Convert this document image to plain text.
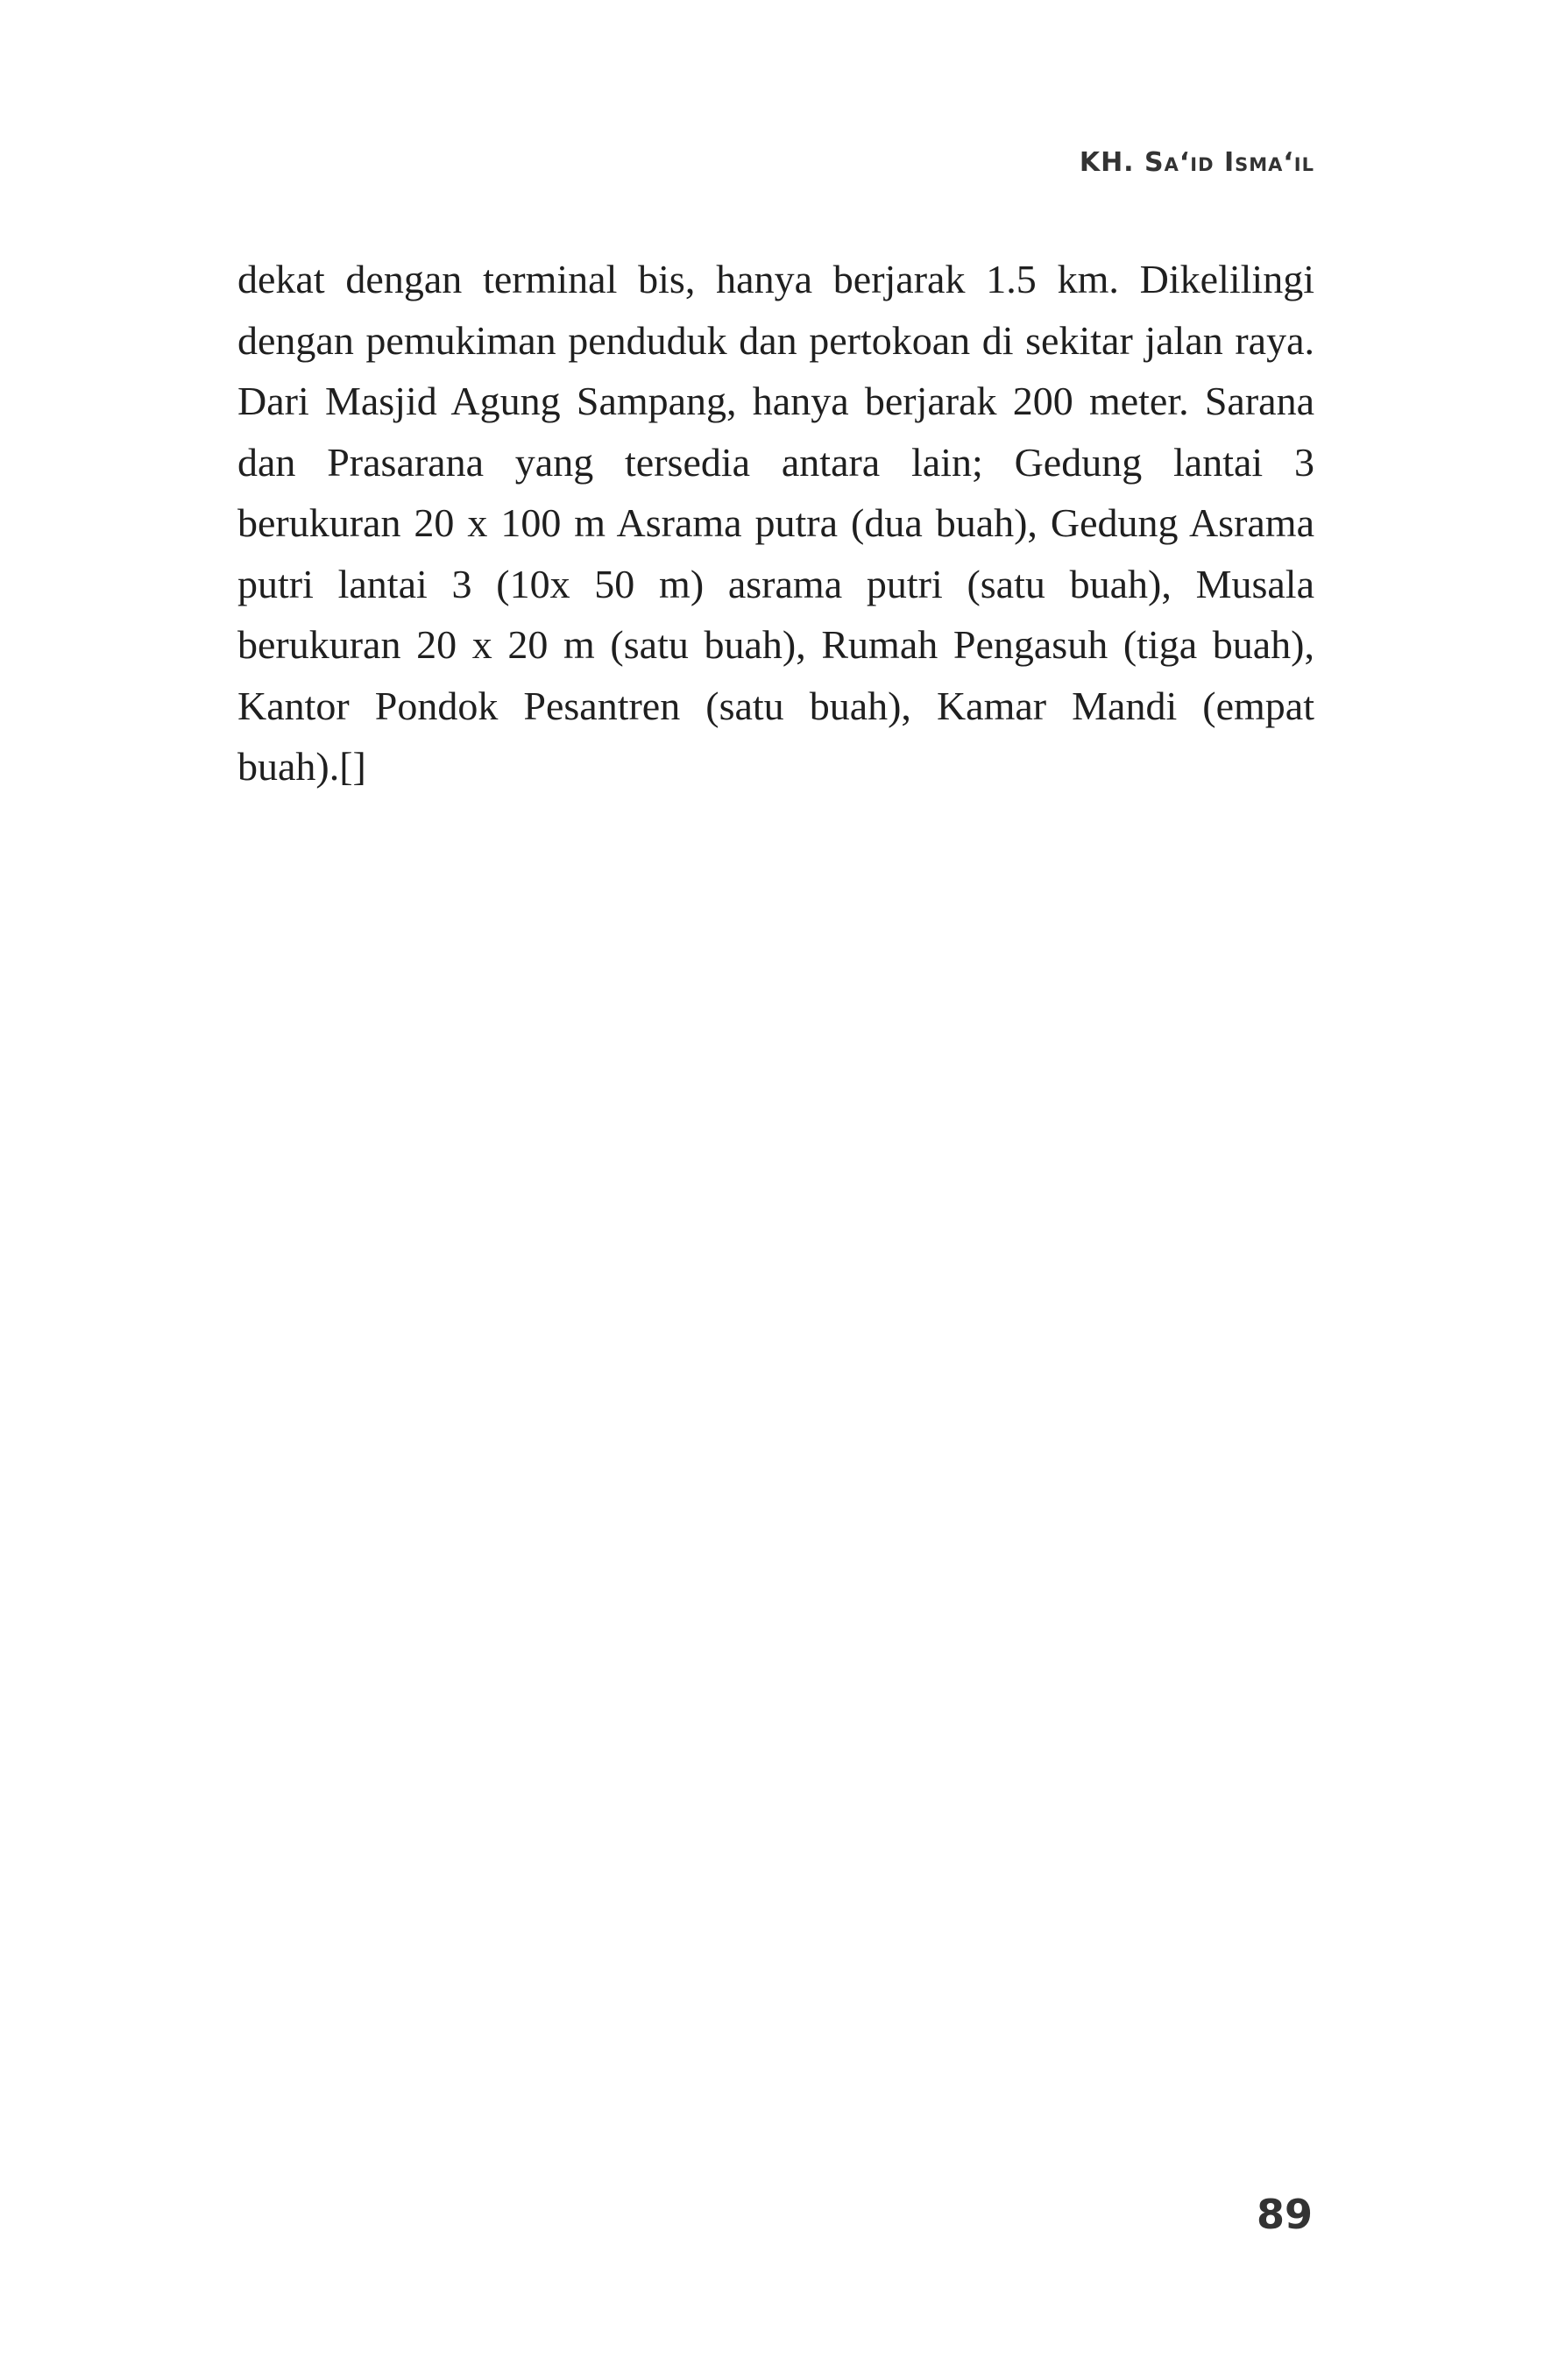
KH. Sa‘id Isma‘il

dekat dengan terminal bis, hanya berjarak 1.5 km. Dikelilingi dengan pemukiman penduduk dan pertokoan di sekitar jalan raya. Dari Masjid Agung Sampang, hanya berjarak 200 meter. Sarana dan Prasarana yang tersedia antara lain; Gedung lantai 3 berukuran 20 x 100 m Asrama putra (dua buah), Gedung Asrama putri lantai 3 (10x 50 m) asrama putri (satu buah), Musala berukuran 20 x 20 m (satu buah), Rumah Pengasuh (tiga buah), Kantor Pondok Pesantren (satu buah), Kamar Mandi (empat buah).[]

89
